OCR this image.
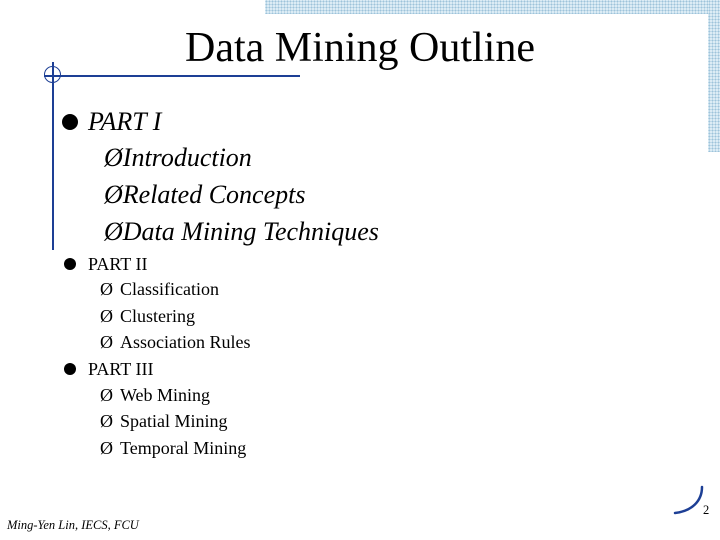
Data Mining Outline
PART I
ØIntroduction
ØRelated Concepts
ØData Mining Techniques
PART II
Ø Classification
Ø Clustering
Ø Association Rules
PART III
Ø Web Mining
Ø Spatial Mining
Ø Temporal Mining
2
Ming-Yen Lin, IECS, FCU
